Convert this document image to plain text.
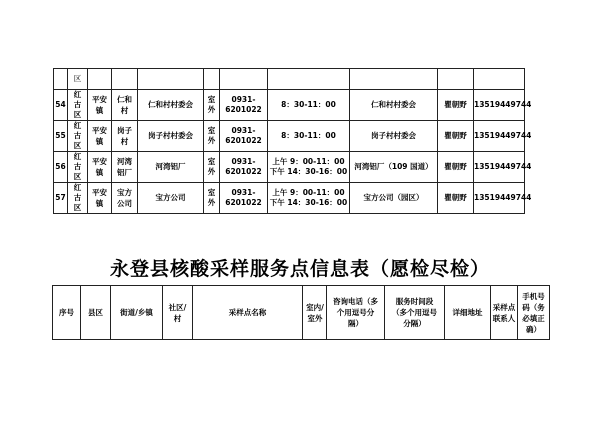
	区									
54	红古区	平安镇	仁和村	仁和村村委会	室外	0931-6201022	8：30-11：00	仁和村村委会	瞿朝野	13519449744
55	红古区	平安镇	岗子村	岗子村村委会	室外	0931-6201022	8：30-11：00	岗子村村委会	瞿朝野	13519449744
56	红古区	平安镇	河湾铝厂	河湾铝厂	室外	0931-6201022	上午 9：00-11：00 下午 14：30-16：00	河湾铝厂（109 国道）	瞿朝野	13519449744
57	红古区	平安镇	宝方公司	宝方公司	室外	0931-6201022	上午 9：00-11：00 下午 14：30-16：00	宝方公司（园区）	瞿朝野	13519449744
永登县核酸采样服务点信息表（愿检尽检）
序号	县区	街道/乡镇	社区/村	采样点名称	室内/室外	咨询电话（多个用逗号分隔）	服务时间段（多个用逗号分隔）	详细地址	采样点联系人	手机号码（务必填正确）
